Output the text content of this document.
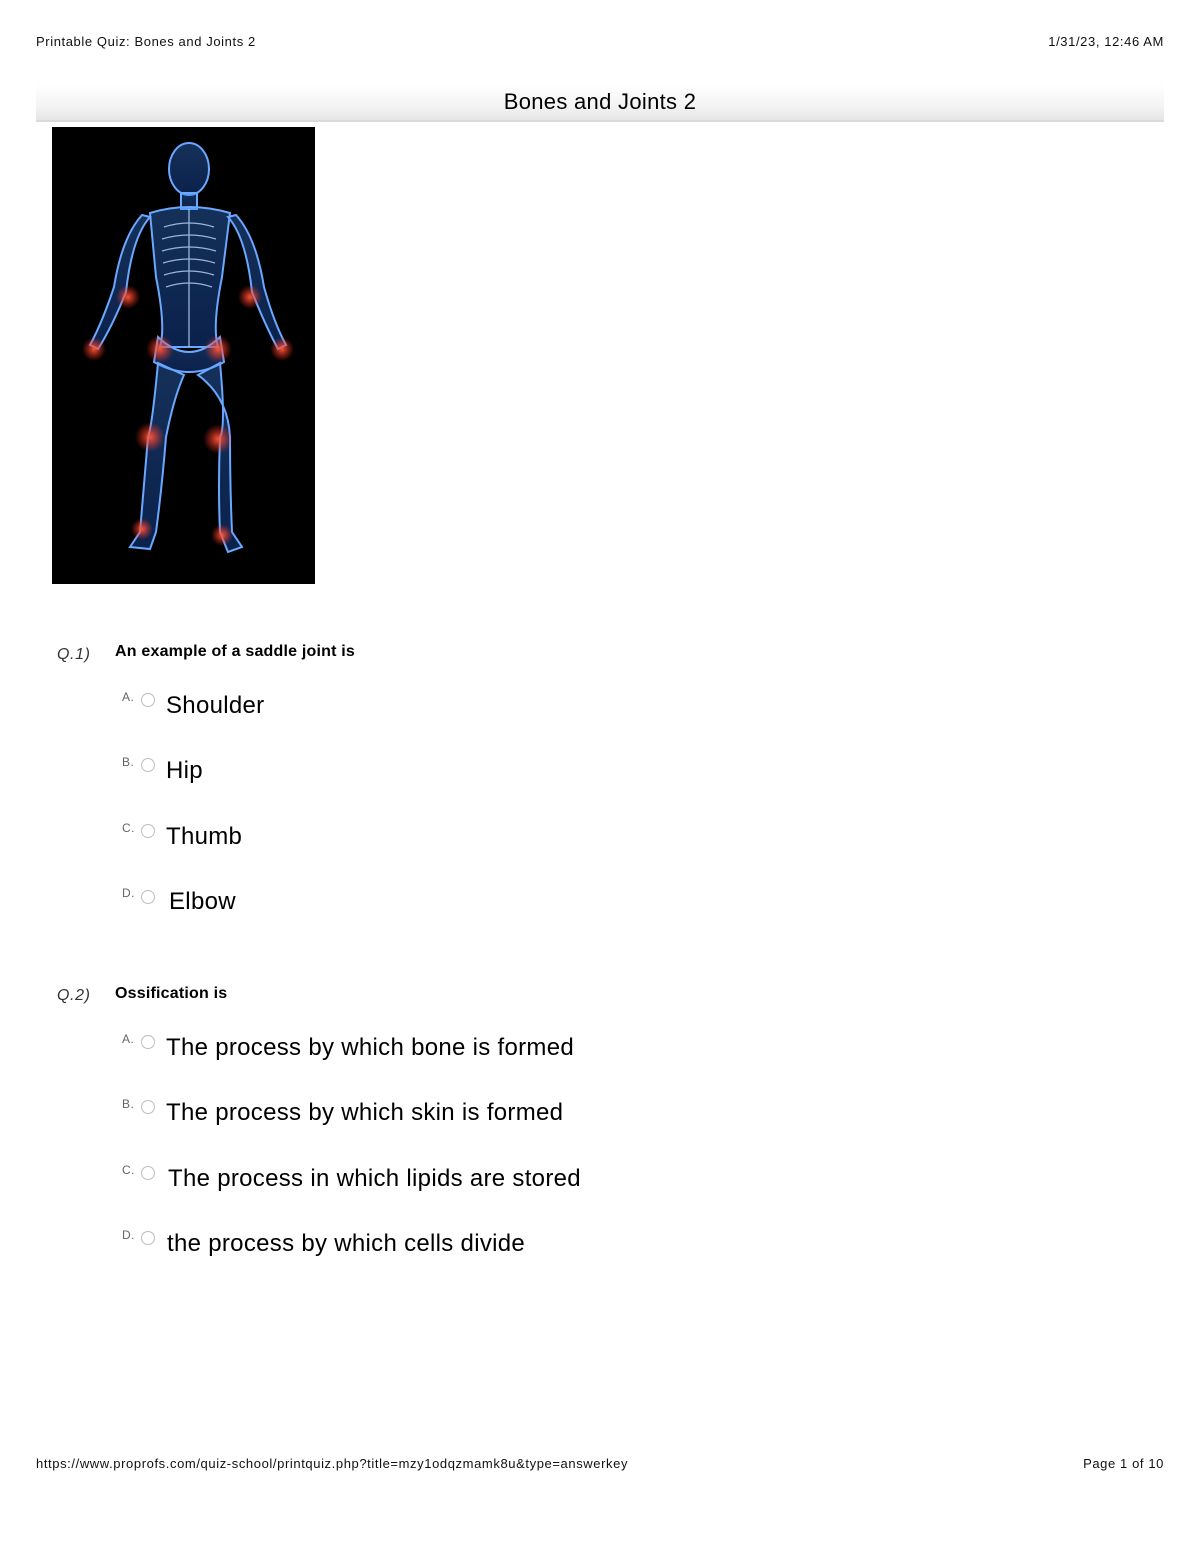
Printable Quiz: Bones and Joints 2	1/31/23, 12:46 AM
Bones and Joints 2
Q.1) An example of a saddle joint is
A. Shoulder
B. Hip
C. Thumb
D. Elbow
Q.2) Ossification is
A. The process by which bone is formed
B. The process by which skin is formed
C. The process in which lipids are stored
D. the process by which cells divide
https://www.proprofs.com/quiz-school/printquiz.php?title=mzy1odqzmamk8u&type=answerkey	Page 1 of 10
